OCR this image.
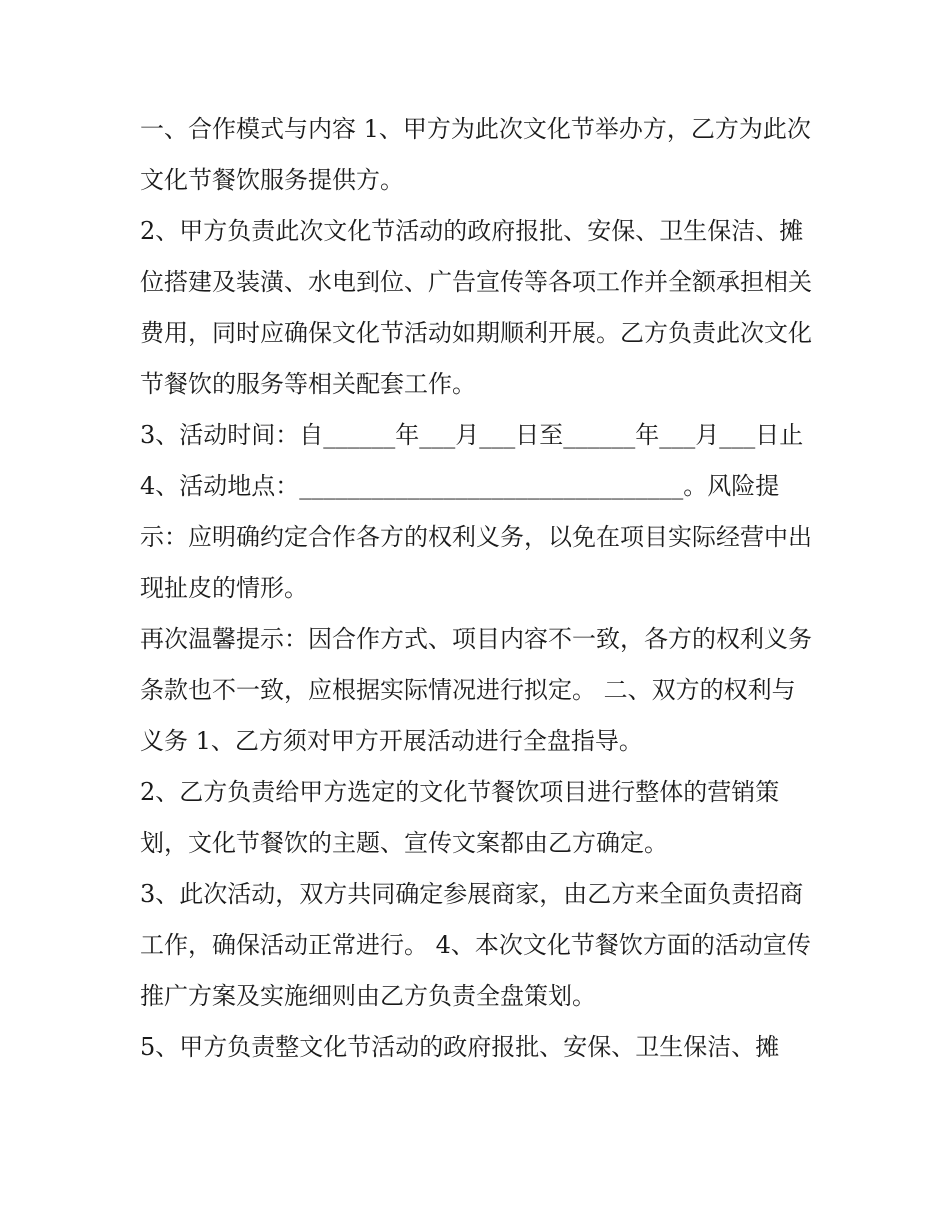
一、合作模式与内容 1、甲方为此次文化节举办方，乙方为此次文化节餐饮服务提供方。

2、甲方负责此次文化节活动的政府报批、安保、卫生保洁、摊位搭建及装潢、水电到位、广告宣传等各项工作并全额承担相关费用，同时应确保文化节活动如期顺利开展。乙方负责此次文化节餐饮的服务等相关配套工作。

3、活动时间：自______年___月___日至______年___月___日止

4、活动地点：________________________________。风险提示：应明确约定合作各方的权利义务，以免在项目实际经营中出现扯皮的情形。

再次温馨提示：因合作方式、项目内容不一致，各方的权利义务条款也不一致，应根据实际情况进行拟定。 二、双方的权利与义务 1、乙方须对甲方开展活动进行全盘指导。

2、乙方负责给甲方选定的文化节餐饮项目进行整体的营销策划，文化节餐饮的主题、宣传文案都由乙方确定。

3、此次活动，双方共同确定参展商家，由乙方来全面负责招商工作，确保活动正常进行。 4、本次文化节餐饮方面的活动宣传推广方案及实施细则由乙方负责全盘策划。

5、甲方负责整文化节活动的政府报批、安保、卫生保洁、摊
